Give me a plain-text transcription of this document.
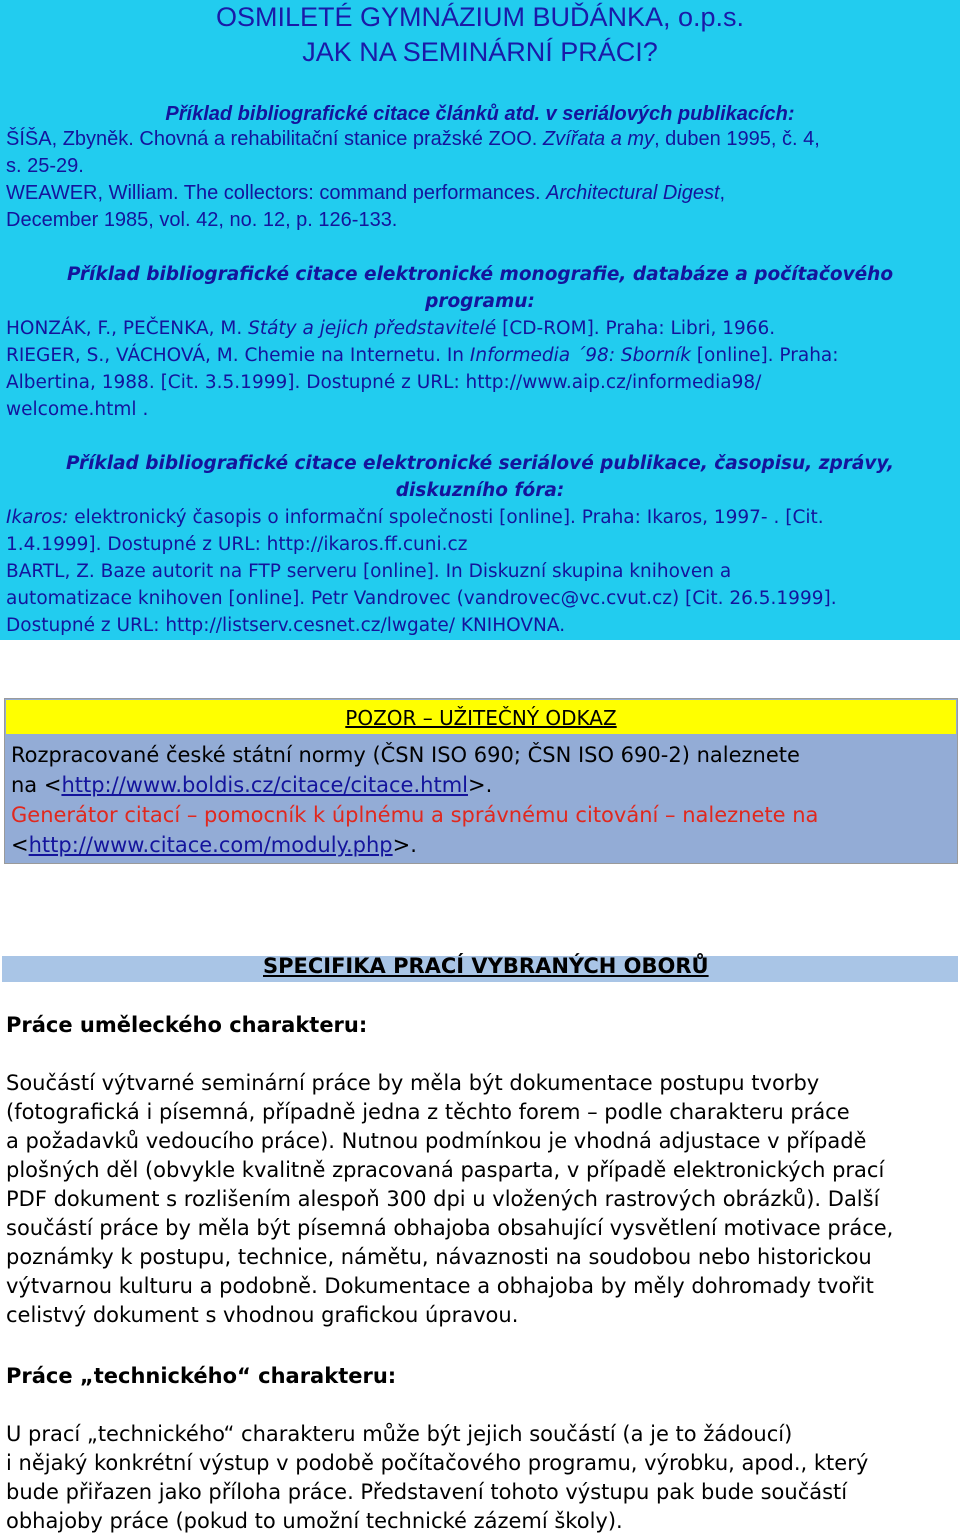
OSMILETÉ GYMNÁZIUM BUĎÁNKA, o.p.s.
JAK NA SEMINÁRNÍ PRÁCI?
Příklad bibliografické citace článků atd. v seriálových publikacích:
ŠÍŠA, Zbyněk. Chovná a rehabilitační stanice pražské ZOO. Zvířata a my, duben 1995, č. 4,
s. 25-29.
WEAWER, William. The collectors: command performances. Architectural Digest,
December 1985, vol. 42, no. 12, p. 126-133.
Příklad bibliografické citace elektronické monografie, databáze a počítačového
programu:
HONZÁK, F., PEČENKA, M. Státy a jejich představitelé [CD-ROM]. Praha: Libri, 1966.
RIEGER, S., VÁCHOVÁ, M. Chemie na Internetu. In Informedia ´98: Sborník [online]. Praha:
Albertina, 1988. [Cit. 3.5.1999]. Dostupné z URL: http://www.aip.cz/informedia98/
welcome.html .
Příklad bibliografické citace elektronické seriálové publikace, časopisu, zprávy,
diskuzního fóra:
Ikaros: elektronický časopis o informační společnosti [online]. Praha: Ikaros, 1997- . [Cit.
1.4.1999]. Dostupné z URL: http://ikaros.ff.cuni.cz
BARTL, Z. Baze autorit na FTP serveru [online]. In Diskuzní skupina knihoven a
automatizace knihoven [online]. Petr Vandrovec (vandrovec@vc.cvut.cz) [Cit. 26.5.1999].
Dostupné z URL: http://listserv.cesnet.cz/lwgate/ KNIHOVNA.
POZOR – UŽITEČNÝ ODKAZ
Rozpracované české státní normy (ČSN ISO 690; ČSN ISO 690-2) naleznete
na <http://www.boldis.cz/citace/citace.html>.
Generátor citací – pomocník k úplnému a správnému citování – naleznete na
<http://www.citace.com/moduly.php>.
SPECIFIKA PRACÍ VYBRANÝCH OBORŮ
Práce uměleckého charakteru:
Součástí výtvarné seminární práce by měla být dokumentace postupu tvorby
(fotografická i písemná, případně jedna z těchto forem – podle charakteru práce
a požadavků vedoucího práce). Nutnou podmínkou je vhodná adjustace v případě
plošných děl (obvykle kvalitně zpracovaná pasparta, v případě elektronických prací
PDF dokument s rozlišením alespoň 300 dpi u vložených rastrových obrázků). Další
součástí práce by měla být písemná obhajoba obsahující vysvětlení motivace práce,
poznámky k postupu, technice, námětu, návaznosti na soudobou nebo historickou
výtvarnou kulturu a podobně. Dokumentace a obhajoba by měly dohromady tvořit
celistvý dokument s vhodnou grafickou úpravou.
Práce „technického“ charakteru:
U prací „technického“ charakteru může být jejich součástí (a je to žádoucí)
i nějaký konkrétní výstup v podobě počítačového programu, výrobku, apod., který
bude přiřazen jako příloha práce. Představení tohoto výstupu pak bude součástí
obhajoby práce (pokud to umožní technické zázemí školy).
